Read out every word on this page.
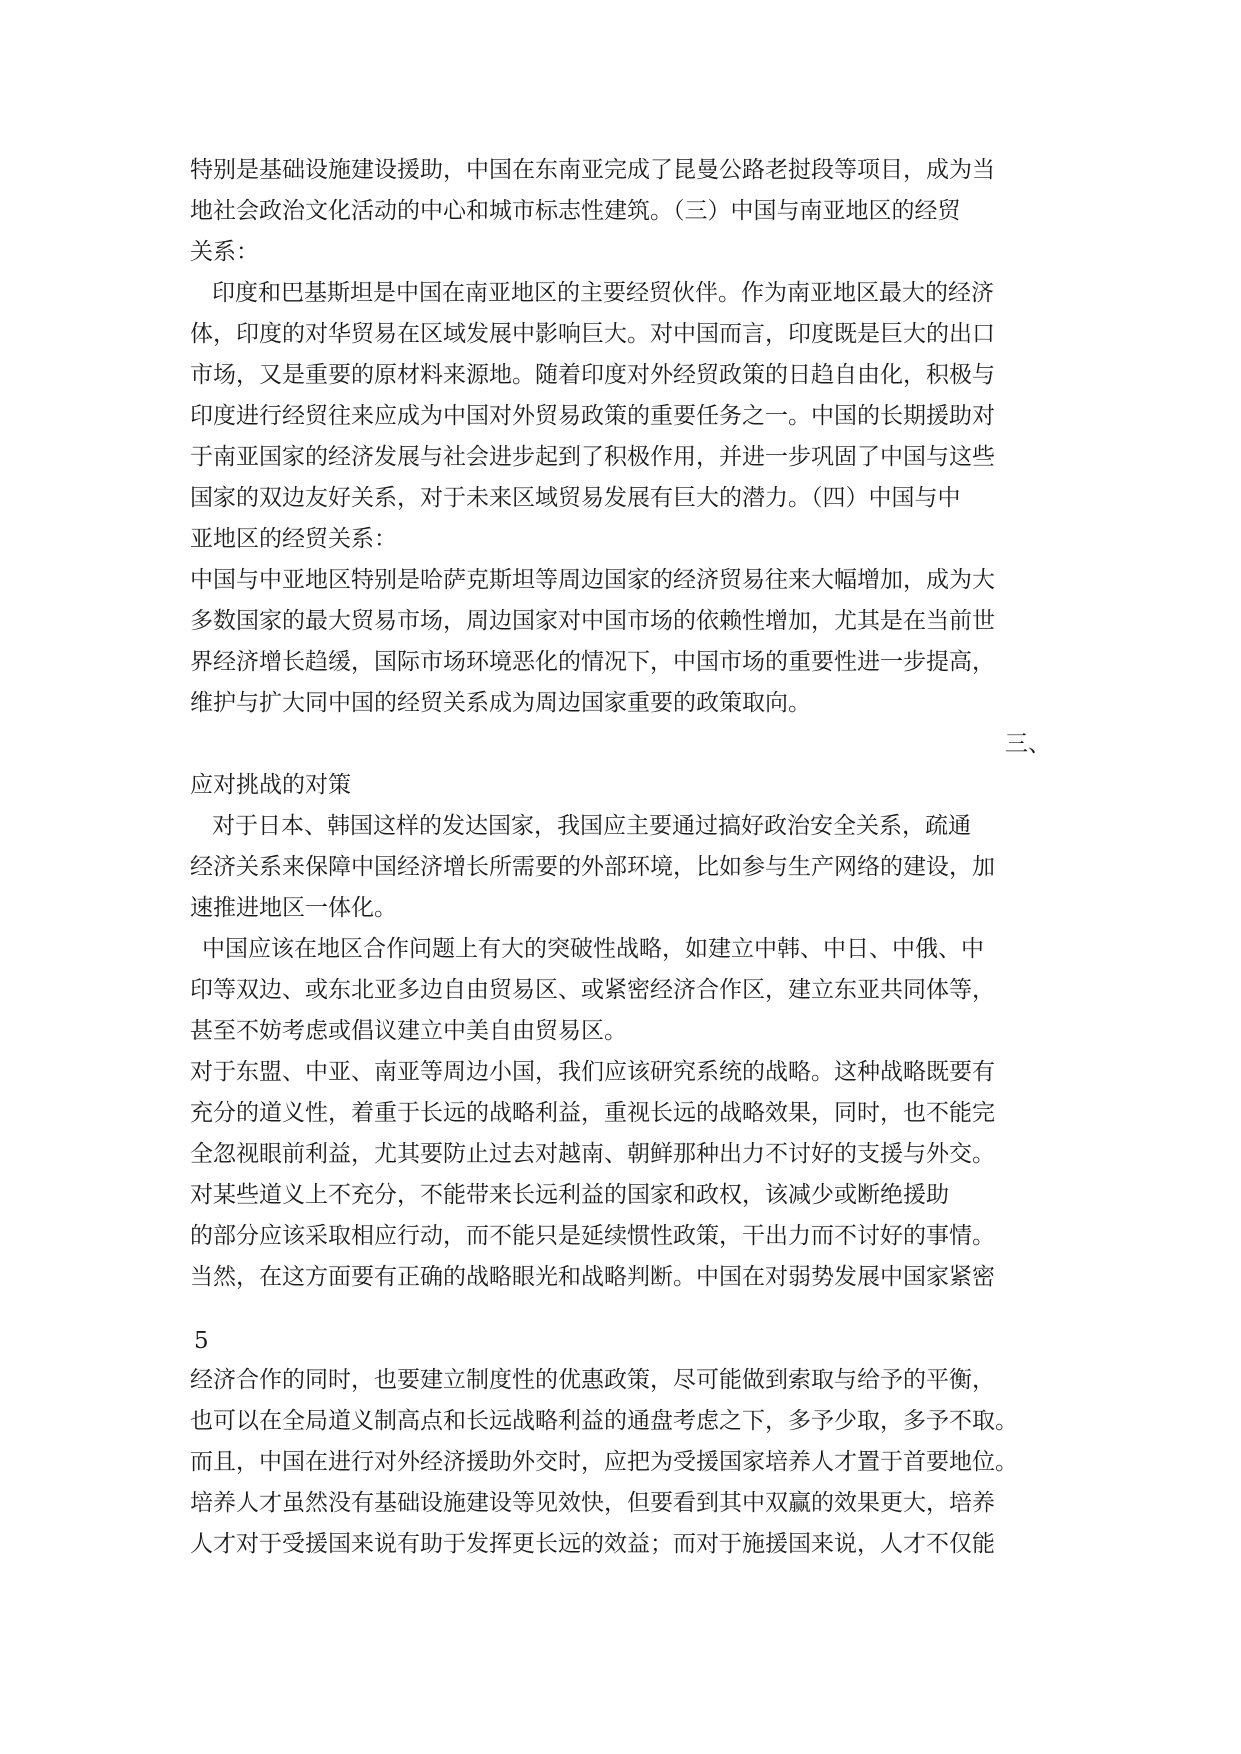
特别是基础设施建设援助，中国在东南亚完成了昆曼公路老挝段等项目，成为当
地社会政治文化活动的中心和城市标志性建筑。（三）中国与南亚地区的经贸
关系：
印度和巴基斯坦是中国在南亚地区的主要经贸伙伴。作为南亚地区最大的经济
体，印度的对华贸易在区域发展中影响巨大。对中国而言，印度既是巨大的出口
市场，又是重要的原材料来源地。随着印度对外经贸政策的日趋自由化，积极与
印度进行经贸往来应成为中国对外贸易政策的重要任务之一。中国的长期援助对
于南亚国家的经济发展与社会进步起到了积极作用，并进一步巩固了中国与这些
国家的双边友好关系，对于未来区域贸易发展有巨大的潜力。（四）中国与中
亚地区的经贸关系：
中国与中亚地区特别是哈萨克斯坦等周边国家的经济贸易往来大幅增加，成为大
多数国家的最大贸易市场，周边国家对中国市场的依赖性增加，尤其是在当前世
界经济增长趋缓，国际市场环境恶化的情况下，中国市场的重要性进一步提高，
维护与扩大同中国的经贸关系成为周边国家重要的政策取向。
三、
应对挑战的对策
对于日本、韩国这样的发达国家，我国应主要通过搞好政治安全关系，疏通
经济关系来保障中国经济增长所需要的外部环境，比如参与生产网络的建设，加
速推进地区一体化。
中国应该在地区合作问题上有大的突破性战略，如建立中韩、中日、中俄、中
印等双边、或东北亚多边自由贸易区、或紧密经济合作区，建立东亚共同体等，
甚至不妨考虑或倡议建立中美自由贸易区。
对于东盟、中亚、南亚等周边小国，我们应该研究系统的战略。这种战略既要有
充分的道义性，着重于长远的战略利益，重视长远的战略效果，同时，也不能完
全忽视眼前利益，尤其要防止过去对越南、朝鲜那种出力不讨好的支援与外交。
对某些道义上不充分，不能带来长远利益的国家和政权，该减少或断绝援助
的部分应该采取相应行动，而不能只是延续惯性政策，干出力而不讨好的事情。
当然，在这方面要有正确的战略眼光和战略判断。中国在对弱势发展中国家紧密
5
经济合作的同时，也要建立制度性的优惠政策，尽可能做到索取与给予的平衡，
也可以在全局道义制高点和长远战略利益的通盘考虑之下，多予少取，多予不取。
而且，中国在进行对外经济援助外交时，应把为受援国家培养人才置于首要地位。
培养人才虽然没有基础设施建设等见效快，但要看到其中双赢的效果更大，培养
人才对于受援国来说有助于发挥更长远的效益；而对于施援国来说，人才不仅能
